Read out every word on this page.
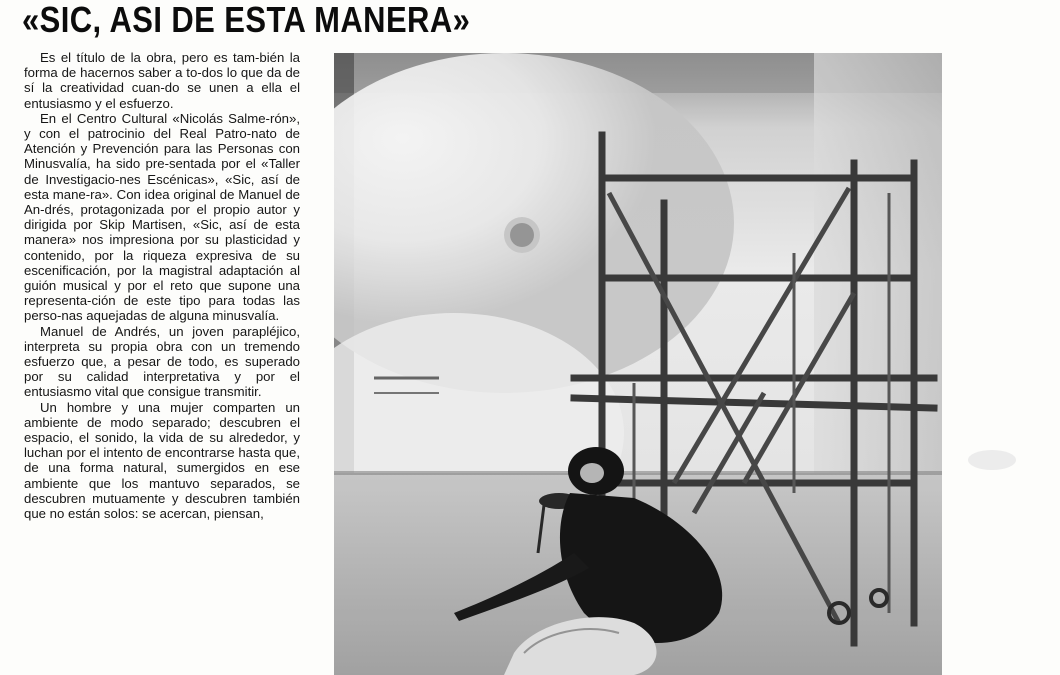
«SIC, ASI DE ESTA MANERA»

Es el título de la obra, pero es tam-bién la forma de hacernos saber a to-dos lo que da de sí la creatividad cuan-do se unen a ella el entusiasmo y el esfuerzo.

En el Centro Cultural «Nicolás Salme-rón», y con el patrocinio del Real Patro-nato de Atención y Prevención para las Personas con Minusvalía, ha sido pre-sentada por el «Taller de Investigacio-nes Escénicas», «Sic, así de esta mane-ra». Con idea original de Manuel de An-drés, protagonizada por el propio autor y dirigida por Skip Martisen, «Sic, así de esta manera» nos impresiona por su plasticidad y contenido, por la riqueza expresiva de su escenificación, por la magistral adaptación al guión musical y por el reto que supone una representa-ción de este tipo para todas las perso-nas aquejadas de alguna minusvalía.

Manuel de Andrés, un joven parapléjico, interpreta su propia obra con un tremendo esfuerzo que, a pesar de todo, es superado por su calidad interpretativa y por el entusiasmo vital que consigue transmitir.

Un hombre y una mujer comparten un ambiente de modo separado; descubren el espacio, el sonido, la vida de su alrededor, y luchan por el intento de encontrarse hasta que, de una forma natural, sumergidos en ese ambiente que los mantuvo separados, se descubren mutuamente y descubren también que no están solos: se acercan, piensan,
